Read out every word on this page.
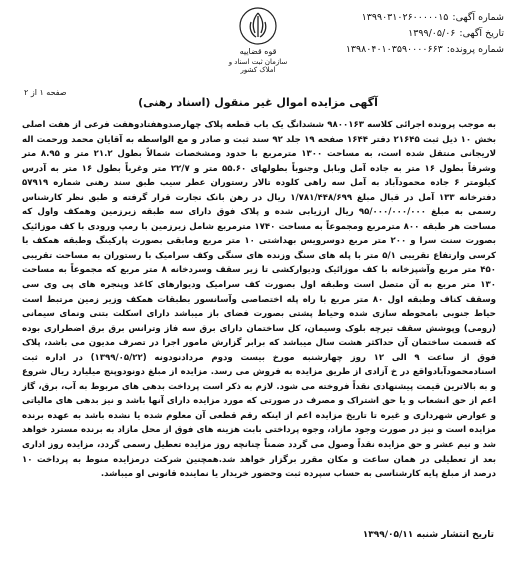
شماره آگهی:
۱۳۹۹۰۳۱۰۲۶۰۰۰۰۰۱۵
تاریخ آگهی:
۱۳۹۹/۰۵/۰۶
شماره پرونده:
۱۳۹۸۰۴۰۱۰۳۵۹۰۰۰۰۶۶۳
قوه قضاییه
سازمان ثبت اسناد و املاک کشور
صفحه ۱ از ۲
آگهی مزایده اموال غیر منقول (اسناد رهنی)
به موجب پرونده اجرائی کلاسه ۹۸۰۰۱۶۳ ششدانگ یک باب قطعه پلاک چهارصدوهفتادوهفت فرعی از هفت اصلی بخش ۱۰ ذیل ثبت ۲۱۶۴۵ دفتر ۱۶۴۴ صفحه ۱۹ جلد ۹۲ سند ثبت و صادر و مع الواسطه به آقایان محمد ورحمت اله لاریجانی منتقل شده است، به مساحت ۱۳۰۰ مترمربع با حدود ومشخصات شمالاً بطول ۲۱.۲ متر و ۸.۹۵ متر وشرقاً بطول ۱۶ متر به جاده آمل وبابل وجنوباً بطولهای ۵۵.۶۰ متر و ۲۲/۷ متر وغرباً بطول ۱۶ متر به آدرس کیلومتر ۶ جاده محمودآباد به آمل سه راهی کلوده تالار رستوران عطر سیب طبق سند رهنی شماره ۵۷۹۱۹ دفترخانه ۱۳۳ آمل در قبال مبلغ ۱/۷۸۱/۴۴۸/۶۹۹ ریال در رهن بانک تجارت قرار گرفته و طبق نظر کارشناس رسمی به مبلغ ۹۵/۰۰۰/۰۰۰/۰۰۰ ریال ارزیابی شده و پلاک فوق دارای سه طبقه زیرزمین وهمکف واول که مساحت هر طبقه ۸۰۰ مترمربع ومجموعاً به مساحت ۱۷۴۰ مترمربع شامل زیرزمین با رمپ ورودی با کف موزائیک بصورت سنت سرا و ۲۰۰ متر مربع دوسرویس بهداشتی ۱۰ متر مربع ومابقی بصورت پارکینگ وطبقه همکف با کرسی وارتفاع تقریبی ۵/۱ متر با پله های سنگ وزنده های سنگی وکف سرامیک با رستوران به مساحت تقریبی ۴۵۰ متر مربع وآشپزخانه با کف موزائیک ودیوارکشی تا زیر سقف وسردخانه ۸ متر مربع که مجموعاً به مساحت ۱۳۰ متر مربع به آن متصل است وطبقه اول بصورت کف سرامیک ودیوارهای کاغذ وپنجره های پی وی سی وسقف کناف وطبقه اول ۸۰ متر مربع با راه پله اختصاصی وآسانسور بطبقات همکف وزیر زمین مرتبط است حیاط جنوبی بامحوطه سازی شده وحیاط پشتی بصورت فضای باز میباشد دارای اسکلت بتنی ونمای سیمانی (رومی) وپوشش سقف تیرچه بلوک وسیمان، کل ساختمان دارای برق سه فاز وترانس برق برق اضطراری بوده که قسمت ساختمان آن حداکثر هشت سال میباشد که برابر گزارش مامور اجرا در تصرف مدیون می باشد، پلاک فوق از ساعت ۹ الی ۱۲ روز چهارشنبه مورخ بیست ودوم مردادنودونه (۱۳۹۹/۰۵/۲۲) در اداره ثبت اسنادمحمودآبادواقع در خ آزادی از طریق مزایده به فروش می رسد. مزایده از مبلغ دونودوپنج میلیارد ریال شروع و به بالاترین قیمت پیشنهادی نقداً فروخته می شود. لازم به ذکر است پرداخت بدهی های مربوط به آب، برق، گاز اعم از حق انشعاب و یا حق اشتراک و مصرف در صورتی که مورد مزایده دارای آنها باشد و نیز بدهی های مالیاتی و عوارض شهرداری و غیره تا تاریخ مزایده اعم از اینکه رقم قطعی آن معلوم شده یا نشده باشد به عهده برنده مزایده است و نیز در صورت وجود مازاد، وجوه پرداختی بابت هزینه های فوق از محل مازاد به برنده مسترد خواهد شد و نیم عشر و حق مزایده نقداً وصول می گردد ضمناً چنانچه روز مزایده تعطیل رسمی گردد، مزایده روز اداری بعد از تعطیلی در همان ساعت و مکان مقرر برگزار خواهد شد.همچنین شرکت درمزایده منوط به پرداخت ۱۰ درصد از مبلغ پایه کارشناسی به حساب سپرده ثبت وحضور خریدار یا نماینده قانونی او میباشد.
تاریخ انتشار شنبه ۱۳۹۹/۰۵/۱۱
